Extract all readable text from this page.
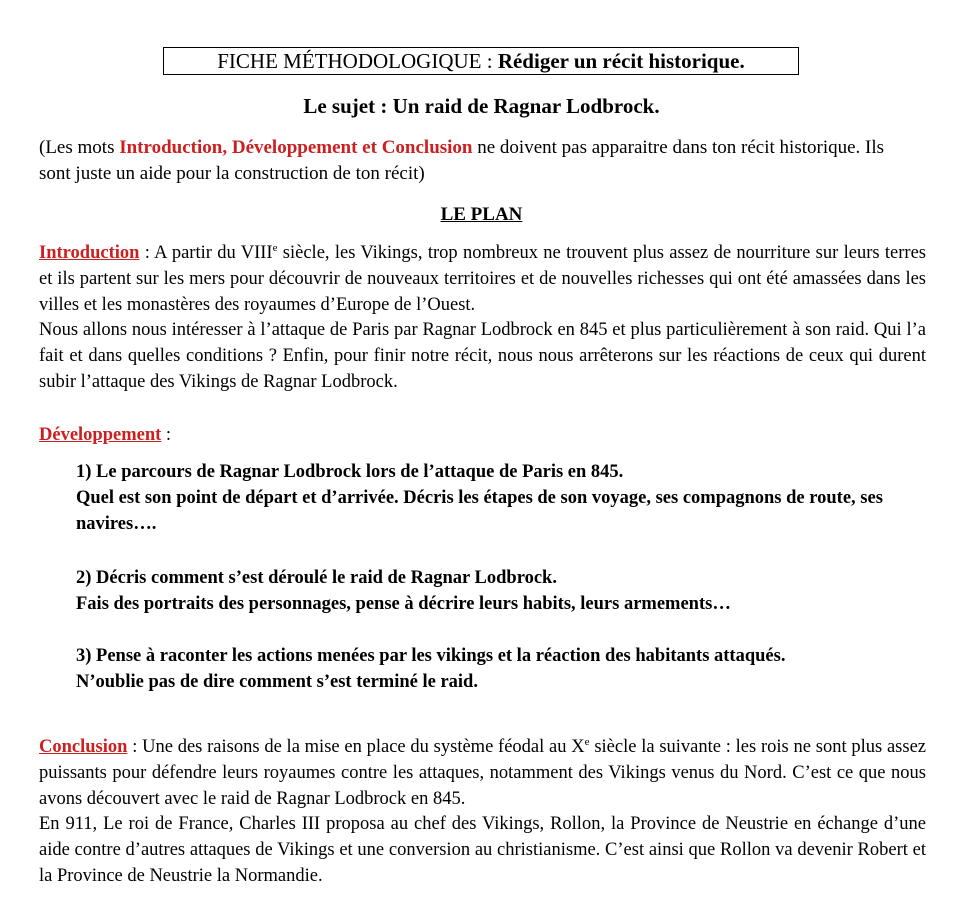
FICHE MÉTHODOLOGIQUE : Rédiger un récit historique.
Le sujet : Un raid de Ragnar Lodbrock.
(Les mots Introduction, Développement et Conclusion ne doivent pas apparaitre dans ton récit historique. Ils sont juste un aide pour la construction de ton récit)
LE PLAN

Introduction : A partir du VIIIe siècle, les Vikings, trop nombreux ne trouvent plus assez de nourriture sur leurs terres et ils partent sur les mers pour découvrir de nouveaux territoires et de nouvelles richesses qui ont été amassées dans les villes et les monastères des royaumes d’Europe de l’Ouest.

Nous allons nous intéresser à l’attaque de Paris par Ragnar Lodbrock en 845 et plus particulièrement à son raid. Qui l’a fait et dans quelles conditions ? Enfin, pour finir notre récit, nous nous arrêterons sur les réactions de ceux qui durent subir l’attaque des Vikings de Ragnar Lodbrock.

Développement :

1) Le parcours de Ragnar Lodbrock lors de l’attaque de Paris en 845.

Quel est son point de départ et d’arrivée. Décris les étapes de son voyage, ses compagnons de route, ses navires….

2) Décris comment s’est déroulé le raid de Ragnar Lodbrock.

Fais des portraits des personnages, pense à décrire leurs habits, leurs armements…

3) Pense à raconter les actions menées par les vikings et la réaction des habitants attaqués.

N’oublie pas de dire comment s’est terminé le raid.

Conclusion : Une des raisons de la mise en place du système féodal au Xe siècle la suivante : les rois ne sont plus assez puissants pour défendre leurs royaumes contre les attaques, notamment des Vikings venus du Nord. C’est ce que nous avons découvert avec le raid de Ragnar Lodbrock en 845.

En 911, Le roi de France, Charles III proposa au chef des Vikings, Rollon, la Province de Neustrie en échange d’une aide contre d’autres attaques de Vikings et une conversion au christianisme. C’est ainsi que Rollon va devenir Robert et la Province de Neustrie la Normandie.
